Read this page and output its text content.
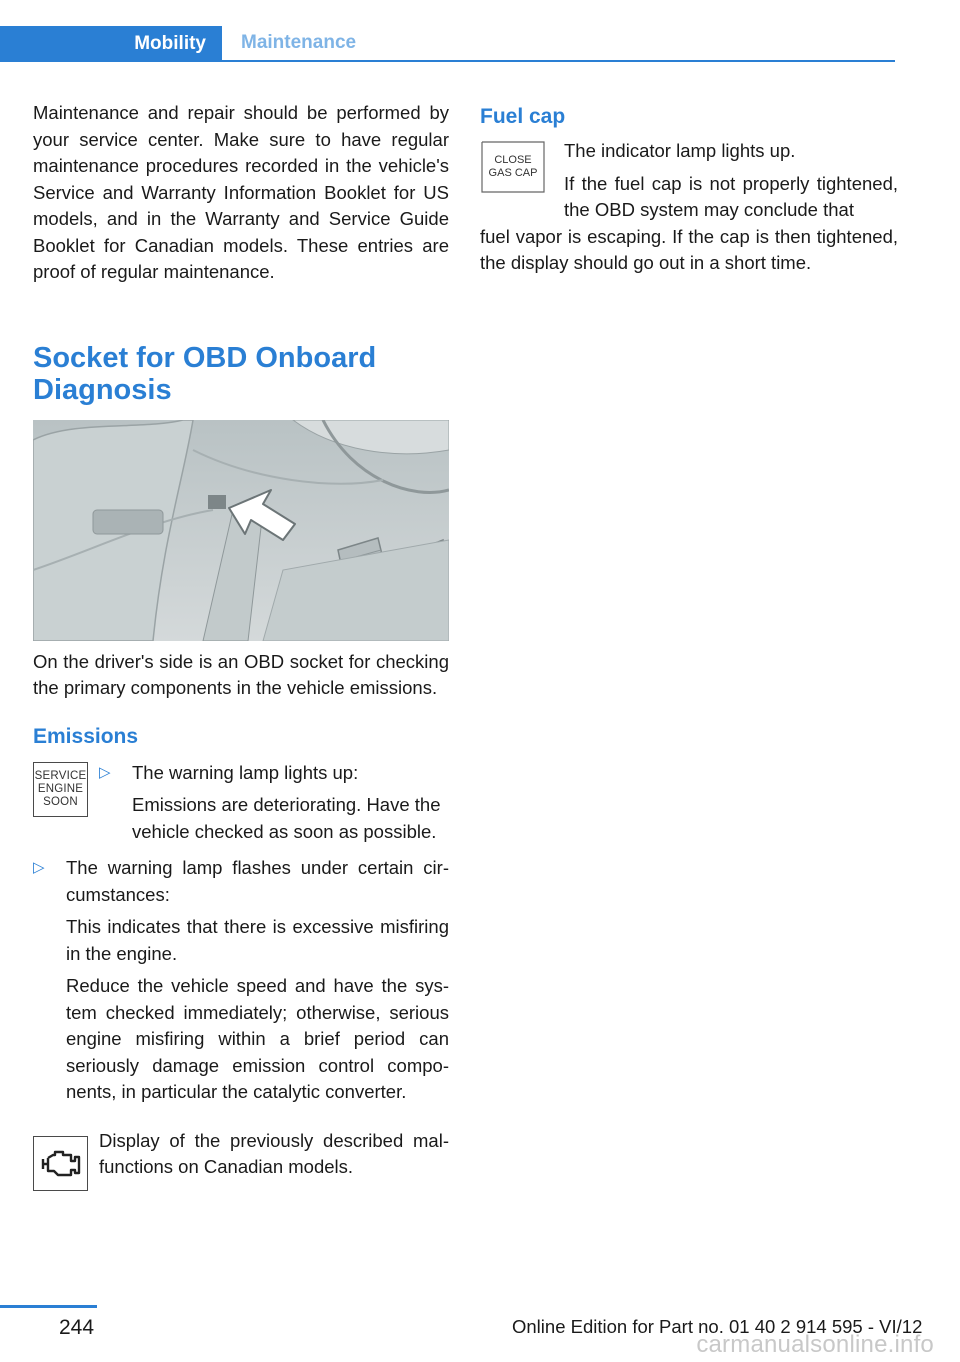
Mobility	Maintenance

Maintenance and repair should be performed by your service center. Make sure to have regular maintenance procedures recorded in the vehicle's Service and Warranty Information Booklet for US models, and in the Warranty and Service Guide Booklet for Canadian models. These entries are proof of regular maintenance.

Socket for OBD Onboard Diagnosis

On the driver's side is an OBD socket for checking the primary components in the vehicle emissions.

Emissions
SERVICE ENGINE SOON
▷ The warning lamp lights up:

Emissions are deteriorating. Have the vehicle checked as soon as possible.

▷ The warning lamp flashes under certain circumstances:

This indicates that there is excessive misfiring in the engine.

Reduce the vehicle speed and have the system checked immediately; otherwise, serious engine misfiring within a brief period can seriously damage emission control components, in particular the catalytic converter.

Display of the previously described malfunctions on Canadian models.

Fuel cap
CLOSE GAS CAP

The indicator lamp lights up.

If the fuel cap is not properly tightened, the OBD system may conclude that

fuel vapor is escaping. If the cap is then tightened, the display should go out in a short time.

244	Online Edition for Part no. 01 40 2 914 595 - VI/12
carmanualsonline.info
